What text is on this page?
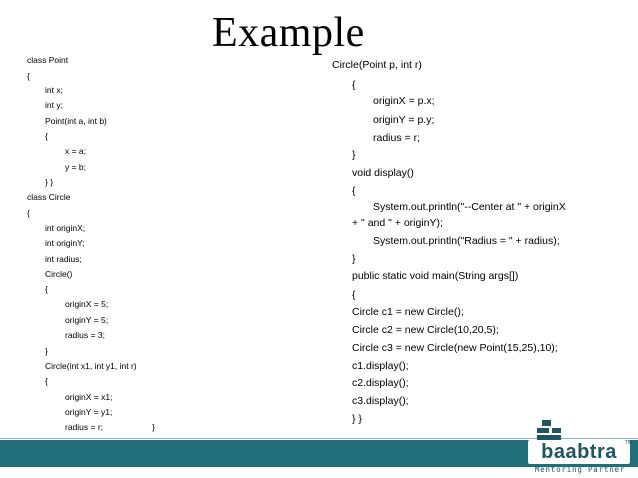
Example
class Point
{
int x;
int y;
Point(int a, int b)
{
x = a;
y = b;
} }
class Circle
{
int originX;
int originY;
int radius;
Circle()
{
originX = 5;
originY = 5;
radius = 3;
}
Circle(int x1, int y1, int r)
{
originX = x1;
originY = y1;
radius = r;	}
Circle(Point p, int r)
{
originX = p.x;
originY = p.y;
radius = r;
}
void display()
{
System.out.println("--Center at " + originX
+ " and " + originY);
System.out.println("Radius = " + radius);
}
public static void main(String args[])
{
Circle c1 = new Circle();
Circle c2 = new Circle(10,20,5);
Circle c3 = new Circle(new Point(15,25),10);
c1.display();
c2.display();
c3.display();
} }
baabtra	TM
Mentoring Partner
